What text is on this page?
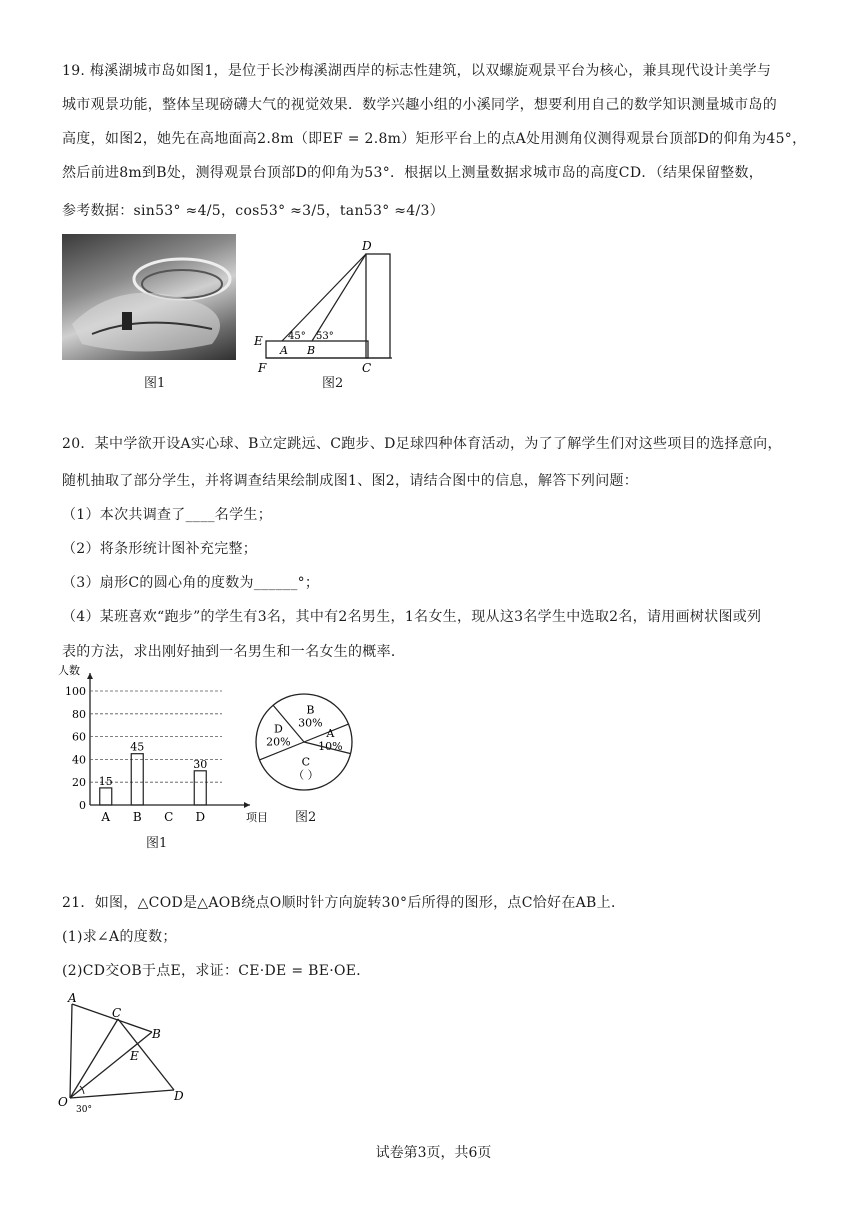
19. 梅溪湖城市岛如图1，是位于长沙梅溪湖西岸的标志性建筑，以双螺旋观景平台为核心，兼具现代设计美学与
城市观景功能，整体呈现磅礴大气的视觉效果．数学兴趣小组的小溪同学，想要利用自己的数学知识测量城市岛的
高度，如图2，她先在高地面高2.8m（即EF = 2.8m）矩形平台上的点A处用测角仪测得观景台顶部D的仰角为45°，
然后前进8m到B处，测得观景台顶部D的仰角为53°．根据以上测量数据求城市岛的高度CD．（结果保留整数，
参考数据：sin53° ≈4/5，cos53° ≈3/5，tan53° ≈4/3）
图1
D
E
F
A B
C
45° 53°
图2
20．某中学欲开设A实心球、B立定跳远、C跑步、D足球四种体育活动，为了了解学生们对这些项目的选择意向，
随机抽取了部分学生，并将调查结果绘制成图1、图2，请结合图中的信息，解答下列问题：
（1）本次共调查了____名学生；
（2）将条形统计图补充完整；
（3）扇形C的圆心角的度数为______°；
（4）某班喜欢“跑步”的学生有3名，其中有2名男生，1名女生，现从这3名学生中选取2名，请用画树状图或列
表的方法，求出刚好抽到一名男生和一名女生的概率．
0
20
40
60
80
100
人数
项目
A
15
B
45
C D
30
图1
B
30%
A
10%
C
（ ）
D
20%
图2
21．如图，△COD是△AOB绕点O顺时针方向旋转30°后所得的图形，点C恰好在AB上．
(1)求∠A的度数；
(2)CD交OB于点E，求证：CE·DE = BE·OE．
A
C
B
E
D
O
30°
试卷第3页，共6页
